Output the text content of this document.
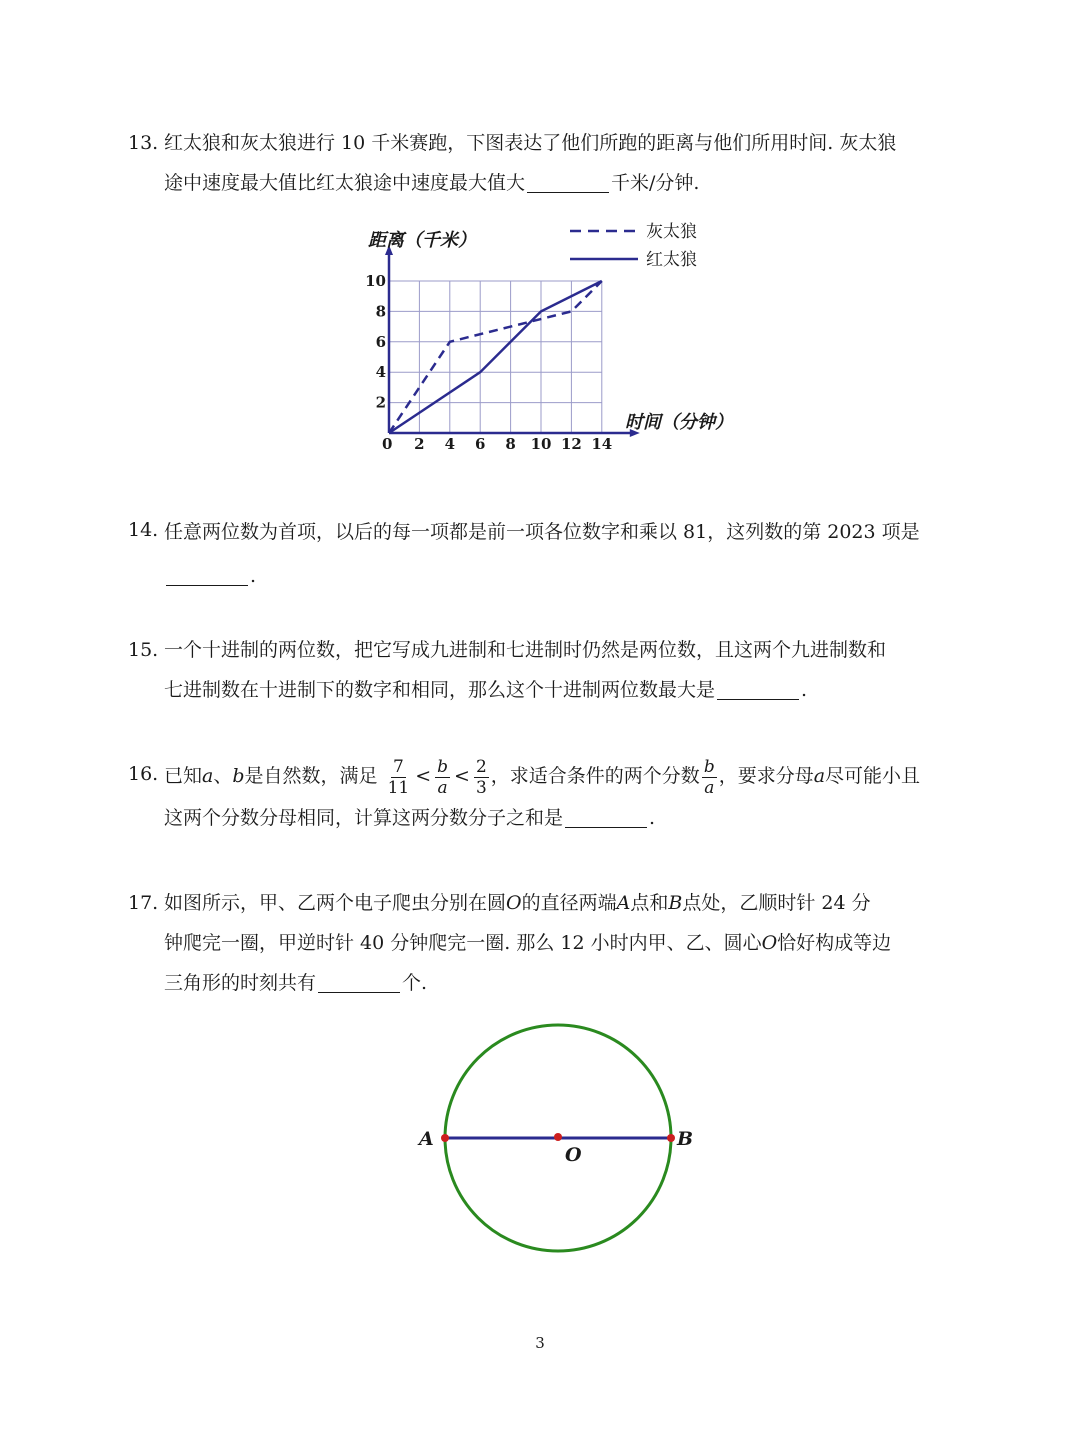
13. 红太狼和灰太狼进行 10 千米赛跑，下图表达了他们所跑的距离与他们所用时间. 灰太狼
途中速度最大值比红太狼途中速度最大值大	千米/分钟.
2 4 6 8 10 12 14
2
4
6
8
10
灰太狼
红太狼
距离（千米）
时间（分钟）
0
14. 任意两位数为首项，以后的每一项都是前一项各位数字和乘以 81，这列数的第 2023 项是
.
15. 一个十进制的两位数，把它写成九进制和七进制时仍然是两位数，且这两个九进制数和
七进制数在十进制下的数字和相同，那么这个十进制两位数最大是	.
16. 已知a、b是自然数，满足 $\frac{7}{11} < \frac{b}{a} < \frac{2}{3}$ ，求适合条件的两个分数 $\frac{b}{a}$ ，要求分母a尽可能小且
这两个分数分母相同，计算这两分数分子之和是	.
17. 如图所示，甲、乙两个电子爬虫分别在圆O的直径两端A点和B点处，乙顺时针 24 分
钟爬完一圈，甲逆时针 40 分钟爬完一圈. 那么 12 小时内甲、乙、圆心O恰好构成等边
三角形的时刻共有	个.
A	B
O
3
